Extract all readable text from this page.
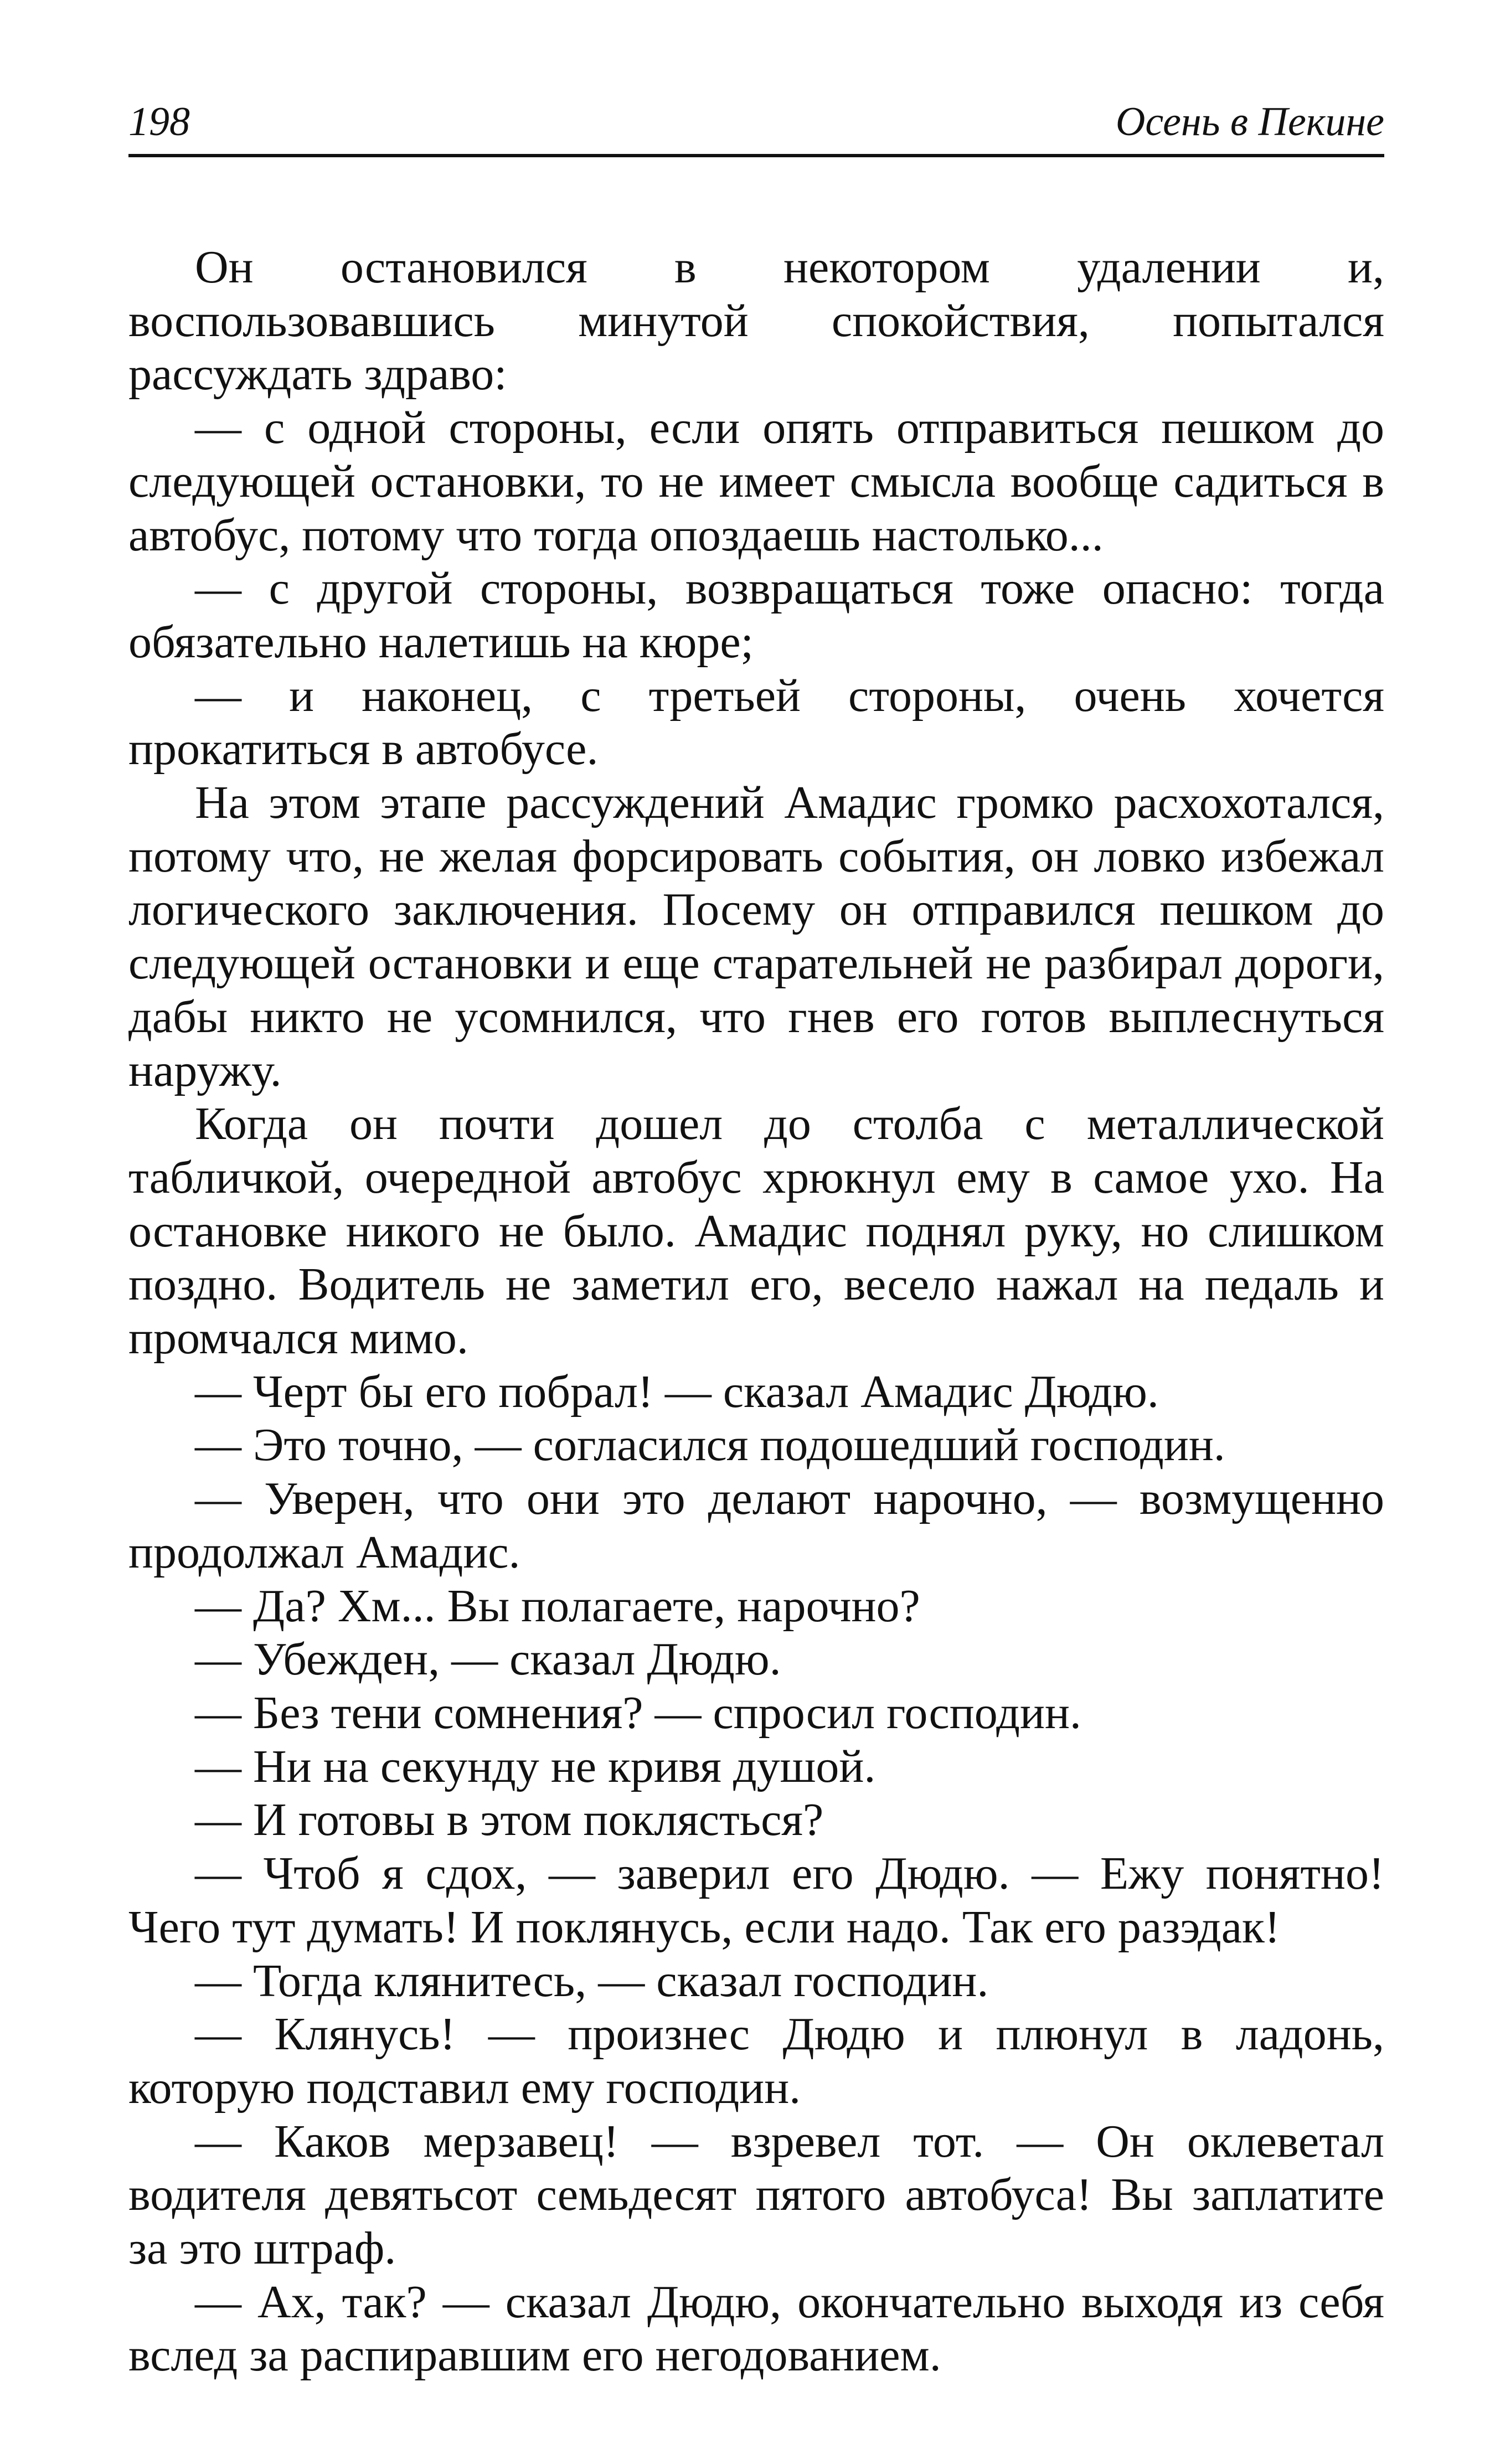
198	Осень в Пекине

Он остановился в некотором удалении и, воспользовавшись минутой спокойствия, попытался рассуждать здраво:

— с одной стороны, если опять отправиться пешком до следующей остановки, то не имеет смысла вообще садиться в автобус, потому что тогда опоздаешь настолько...

— с другой стороны, возвращаться тоже опасно: тогда обязательно налетишь на кюре;

— и наконец, с третьей стороны, очень хочется прокатиться в автобусе.

На этом этапе рассуждений Амадис громко расхохотался, потому что, не желая форсировать события, он ловко избежал логического заключения. Посему он отправился пешком до следующей остановки и еще старательней не разбирал дороги, дабы никто не усомнился, что гнев его готов выплеснуться наружу.

Когда он почти дошел до столба с металлической табличкой, очередной автобус хрюкнул ему в самое ухо. На остановке никого не было. Амадис поднял руку, но слишком поздно. Водитель не заметил его, весело нажал на педаль и промчался мимо.

— Черт бы его побрал! — сказал Амадис Дюдю.

— Это точно, — согласился подошедший господин.

— Уверен, что они это делают нарочно, — возмущенно продолжал Амадис.

— Да? Хм... Вы полагаете, нарочно?

— Убежден, — сказал Дюдю.

— Без тени сомнения? — спросил господин.

— Ни на секунду не кривя душой.

— И готовы в этом поклясться?

— Чтоб я сдох, — заверил его Дюдю. — Ежу понятно! Чего тут думать! И поклянусь, если надо. Так его разэдак!

— Тогда клянитесь, — сказал господин.

— Клянусь! — произнес Дюдю и плюнул в ладонь, которую подставил ему господин.

— Каков мерзавец! — взревел тот. — Он оклеветал водителя девятьсот семьдесят пятого автобуса! Вы заплатите за это штраф.

— Ах, так? — сказал Дюдю, окончательно выходя из себя вслед за распиравшим его негодованием.
